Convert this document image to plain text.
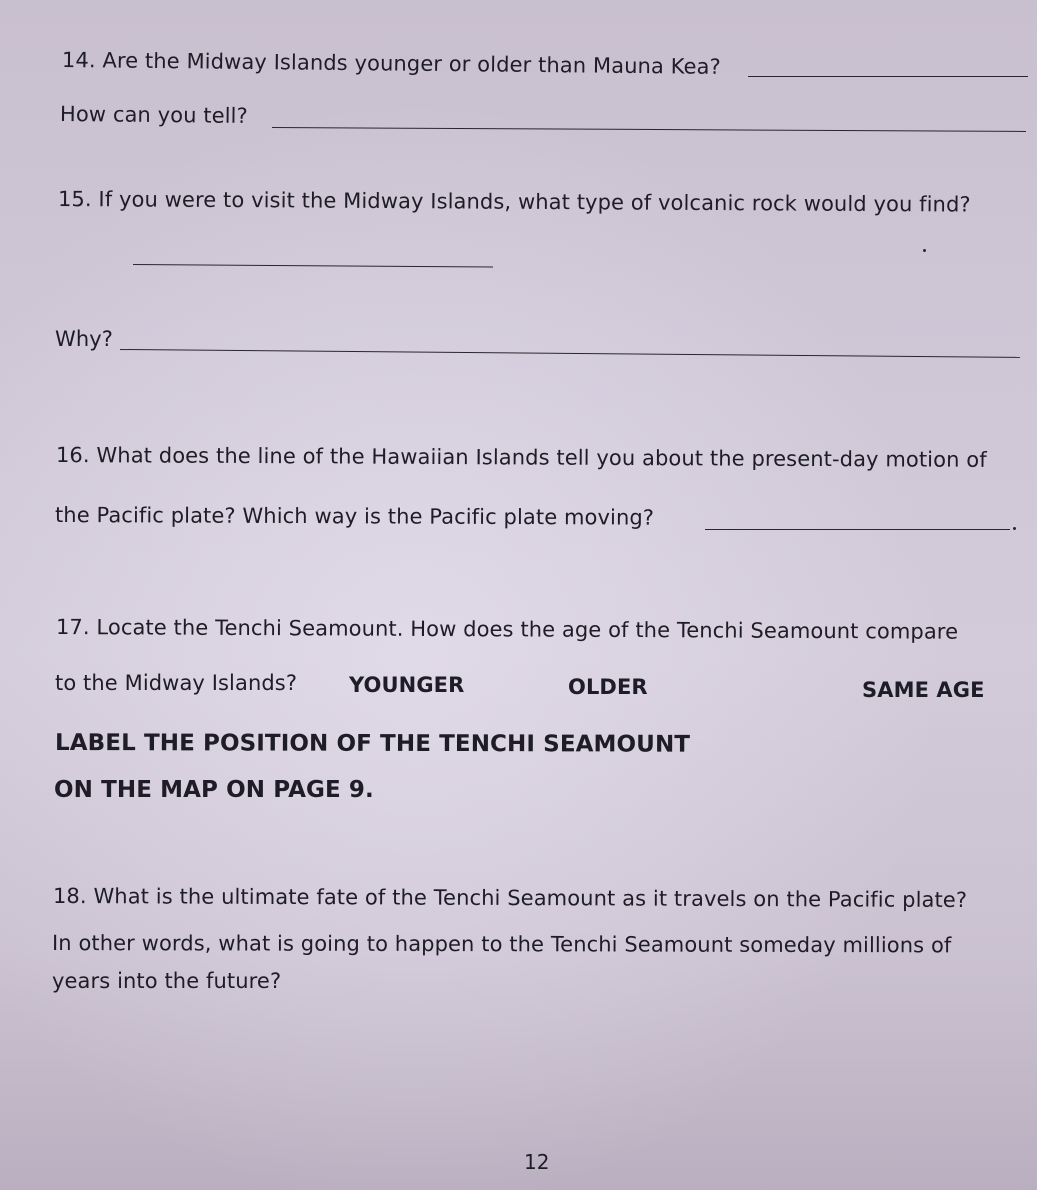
14. Are the Midway Islands younger or older than Mauna Kea?
How can you tell?
15. If you were to visit the Midway Islands, what type of volcanic rock would you find?
Why?
16. What does the line of the Hawaiian Islands tell you about the present-day motion of
the Pacific plate? Which way is the Pacific plate moving?
17. Locate the Tenchi Seamount. How does the age of the Tenchi Seamount compare
to the Midway Islands? YOUNGER	OLDER	SAME AGE
LABEL THE POSITION OF THE TENCHI SEAMOUNT
ON THE MAP ON PAGE 9.
18. What is the ultimate fate of the Tenchi Seamount as it travels on the Pacific plate?
In other words, what is going to happen to the Tenchi Seamount someday millions of
years into the future?
12
